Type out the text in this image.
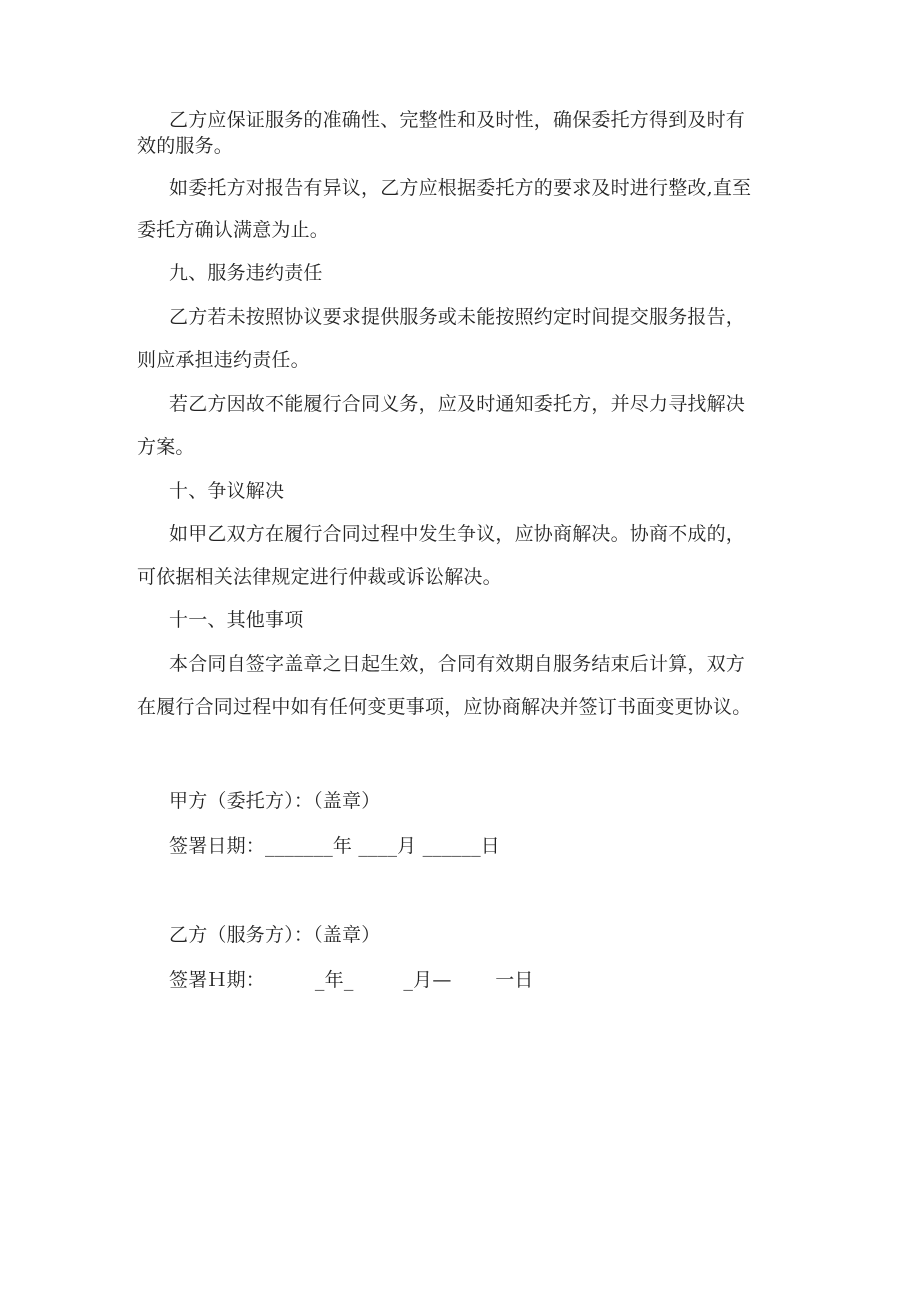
乙方应保证服务的准确性、完整性和及时性，确保委托方得到及时有
效的服务。
如委托方对报告有异议，乙方应根据委托方的要求及时进行整改,直至
委托方确认满意为止。
九、服务违约责任
乙方若未按照协议要求提供服务或未能按照约定时间提交服务报告，
则应承担违约责任。
若乙方因故不能履行合同义务，应及时通知委托方，并尽力寻找解决
方案。
十、争议解决
如甲乙双方在履行合同过程中发生争议，应协商解决。协商不成的，
可依据相关法律规定进行仲裁或诉讼解决。
十一、其他事项
本合同自签字盖章之日起生效，合同有效期自服务结束后计算，双方
在履行合同过程中如有任何变更事项，应协商解决并签订书面变更协议。
甲方（委托方）：（盖章）
签署日期：_______年 ____月 ______日
乙方（服务方）：（盖章）
签署Ｈ期：        _年_        _月—       一日
